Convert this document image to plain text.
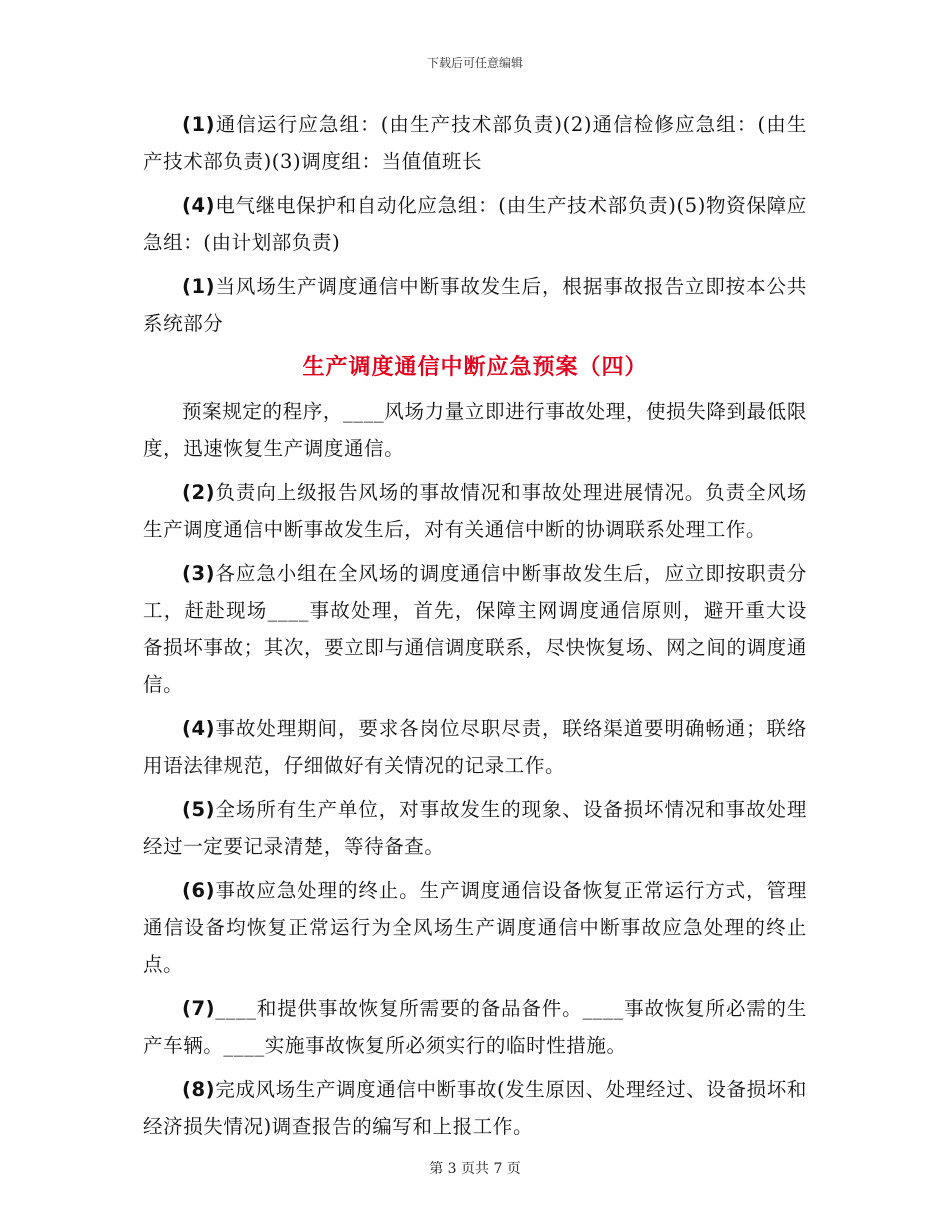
下载后可任意编辑

(1)通信运行应急组：(由生产技术部负责)(2)通信检修应急组：(由生产技术部负责)(3)调度组：当值值班长

(4)电气继电保护和自动化应急组：(由生产技术部负责)(5)物资保障应急组：(由计划部负责)

(1)当风场生产调度通信中断事故发生后，根据事故报告立即按本公共系统部分

生产调度通信中断应急预案（四）

预案规定的程序，____风场力量立即进行事故处理，使损失降到最低限度，迅速恢复生产调度通信。

(2)负责向上级报告风场的事故情况和事故处理进展情况。负责全风场生产调度通信中断事故发生后，对有关通信中断的协调联系处理工作。

(3)各应急小组在全风场的调度通信中断事故发生后，应立即按职责分工，赶赴现场____事故处理，首先，保障主网调度通信原则，避开重大设备损坏事故；其次，要立即与通信调度联系，尽快恢复场、网之间的调度通信。

(4)事故处理期间，要求各岗位尽职尽责，联络渠道要明确畅通；联络用语法律规范，仔细做好有关情况的记录工作。

(5)全场所有生产单位，对事故发生的现象、设备损坏情况和事故处理经过一定要记录清楚，等待备查。

(6)事故应急处理的终止。生产调度通信设备恢复正常运行方式，管理通信设备均恢复正常运行为全风场生产调度通信中断事故应急处理的终止点。

(7)____和提供事故恢复所需要的备品备件。____事故恢复所必需的生产车辆。____实施事故恢复所必须实行的临时性措施。

(8)完成风场生产调度通信中断事故(发生原因、处理经过、设备损坏和经济损失情况)调查报告的编写和上报工作。

第 3 页共 7 页
